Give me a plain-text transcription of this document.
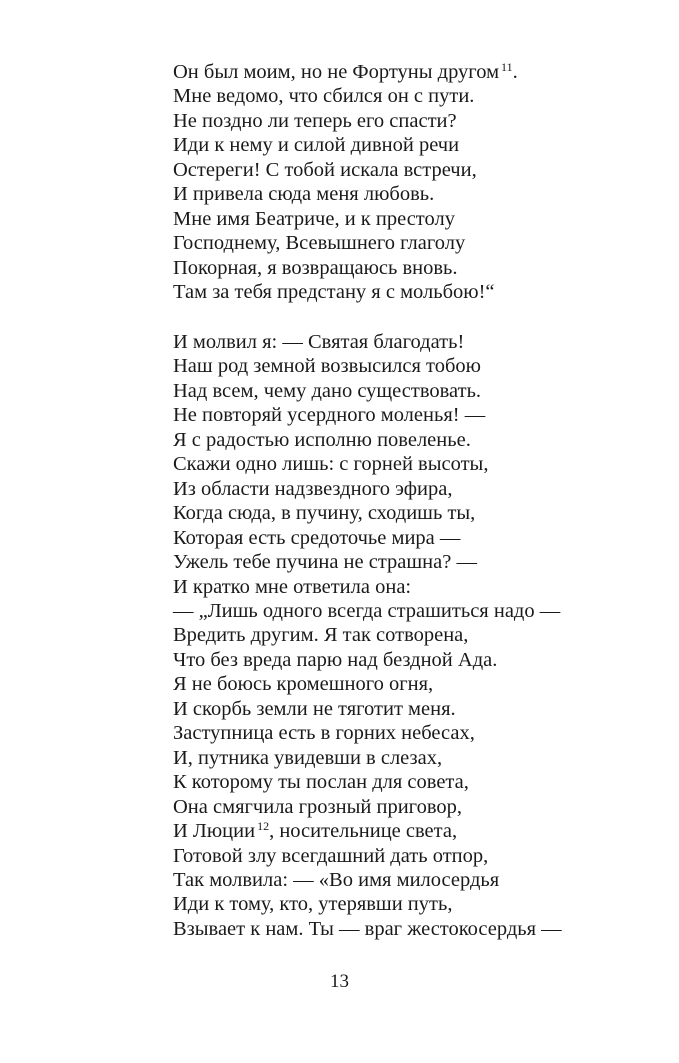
Он был моим, но не Фортуны другом $^{11}$.
Мне ведомо, что сбился он с пути.
Не поздно ли теперь его спасти?
Иди к нему и силой дивной речи
Остереги! С тобой искала встречи,
И привела сюда меня любовь.
Мне имя Беатриче, и к престолу
Господнему, Всевышнего глаголу
Покорная, я возвращаюсь вновь.
Там за тебя предстану я с мольбою!“
И молвил я: — Святая благодать!
Наш род земной возвысился тобою
Над всем, чему дано существовать.
Не повторяй усердного моленья! —
Я с радостью исполню повеленье.
Скажи одно лишь: с горней высоты,
Из области надзвездного эфира,
Когда сюда, в пучину, сходишь ты,
Которая есть средоточье мира —
Ужель тебе пучина не страшна? —
И кратко мне ответила она:
— „Лишь одного всегда страшиться надо —
Вредить другим. Я так сотворена,
Что без вреда парю над бездной Ада.
Я не боюсь кромешного огня,
И скорбь земли не тяготит меня.
Заступница есть в горних небесах,
И, путника увидевши в слезах,
К которому ты послан для совета,
Она смягчила грозный приговор,
И Люции $^{12}$, носительнице света,
Готовой злу всегдашний дать отпор,
Так молвила: — «Во имя милосердья
Иди к тому, кто, утерявши путь,
Взывает к нам. Ты — враг жестокосердья —
13
